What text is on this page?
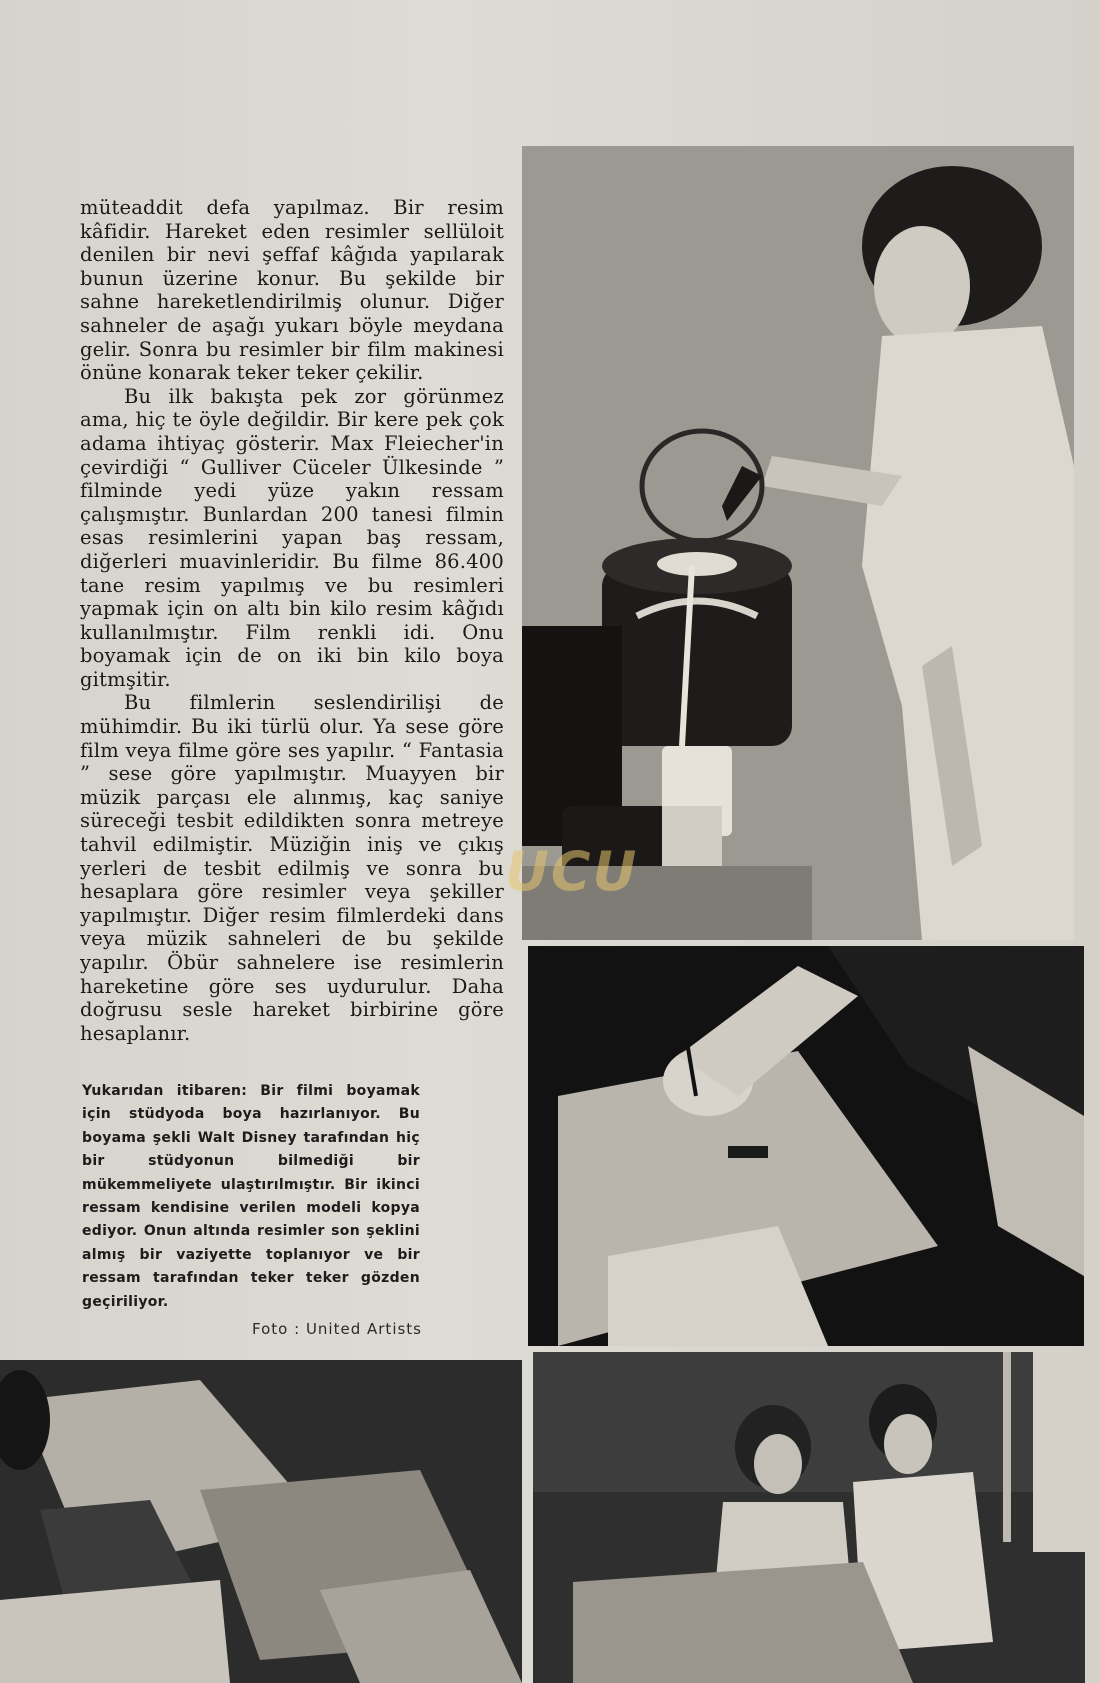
müteaddit defa yapılmaz. Bir resim kâfidir. Hareket eden resimler sellüloit denilen bir nevi şeffaf kâğıda yapılarak bunun üzerine konur. Bu şekilde bir sahne hareketlendirilmiş olunur. Diğer sahneler de aşağı yukarı böyle meydana gelir. Sonra bu resimler bir film makinesi önüne konarak teker teker çekilir.

Bu ilk bakışta pek zor görünmez ama, hiç te öyle değildir. Bir kere pek çok adama ihtiyaç gösterir. Max Fleiecher'in çevirdiği “ Gulliver Cüceler Ülkesinde ” filminde yedi yüze yakın ressam çalışmıştır. Bunlardan 200 tanesi filmin esas resimlerini yapan baş ressam, diğerleri muavinleridir. Bu filme 86.400 tane resim yapılmış ve bu resimleri yapmak için on altı bin kilo resim kâğıdı kullanılmıştır. Film renkli idi. Onu boyamak için de on iki bin kilo boya gitmşitir.

Bu filmlerin seslendirilişi de mühimdir. Bu iki türlü olur. Ya sese göre film veya filme göre ses yapılır. “ Fantasia ” sese göre yapılmıştır. Muayyen bir müzik parçası ele alınmış, kaç saniye süreceği tesbit edildikten sonra metreye tahvil edilmiştir. Müziğin iniş ve çıkış yerleri de tesbit edilmiş ve sonra bu hesaplara göre resimler veya şekiller yapılmıştır. Diğer resim filmlerdeki dans veya müzik sahneleri de bu şekilde yapılır. Öbür sahnelere ise resimlerin hareketine göre ses uydurulur. Daha doğrusu sesle hareket birbirine göre hesaplanır.

Yukarıdan itibaren: Bir filmi boyamak için stüdyoda boya hazırlanıyor. Bu boyama şekli Walt Disney tarafından hiç bir stüdyonun bilmediği bir mükemmeliyete ulaştırılmıştır. Bir ikinci ressam kendisine verilen modeli kopya ediyor. Onun altında resimler son şeklini almış bir vaziyette toplanıyor ve bir ressam tarafından teker teker gözden geçiriliyor.
Foto : United Artists
UCU
